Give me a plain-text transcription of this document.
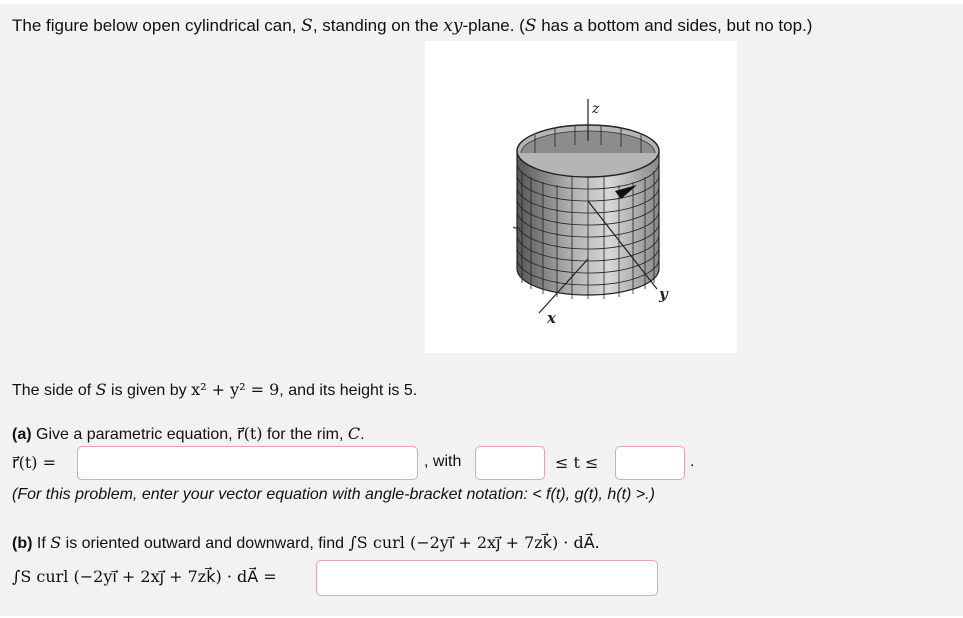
The figure below open cylindrical can, S, standing on the xy-plane. (S has a bottom and sides, but no top.)
z
y
x
The side of S is given by x² + y² = 9, and its height is 5.
(a) Give a parametric equation, r⃗(t) for the rim, C.
r⃗(t) =	, with	≤ t ≤	.
(For this problem, enter your vector equation with angle-bracket notation: < f(t), g(t), h(t) >.)
(b) If S is oriented outward and downward, find ∫S curl (−2yi⃗ + 2xj⃗ + 7zk⃗) · dA⃗.
∫S curl (−2yi⃗ + 2xj⃗ + 7zk⃗) · dA⃗ =
